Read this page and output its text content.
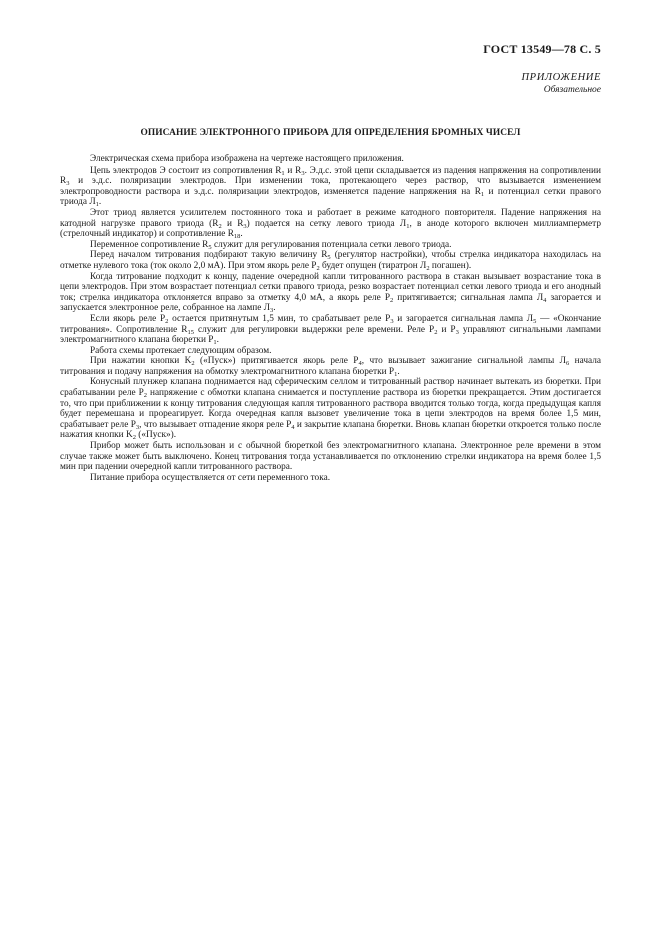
ГОСТ 13549—78 С. 5
ПРИЛОЖЕНИЕ
Обязательное
ОПИСАНИЕ ЭЛЕКТРОННОГО ПРИБОРА ДЛЯ ОПРЕДЕЛЕНИЯ БРОМНЫХ ЧИСЕЛ

Электрическая схема прибора изображена на чертеже настоящего приложения.

Цепь электродов Э состоит из сопротивления $R_1$ и $R_3$. Э.д.с. этой цепи складывается из падения напряжения на сопротивлении $R_3$ и э.д.с. поляризации электродов. При изменении тока, протекающего через раствор, что вызывается изменением электропроводности раствора и э.д.с. поляризации электродов, изменяется падение напряжения на $R_1$ и потенциал сетки правого триода $Л_1$.

Этот триод является усилителем постоянного тока и работает в режиме катодного повторителя. Падение напряжения на катодной нагрузке правого триода ($R_2$ и $R_3$) подается на сетку левого триода $Л_1$, в аноде которого включен миллиамперметр (стрелочный индикатор) и сопротивление $R_{18}$.

Переменное сопротивление $R_5$ служит для регулирования потенциала сетки левого триода.

Перед началом титрования подбирают такую величину $R_5$ (регулятор настройки), чтобы стрелка индикатора находилась на отметке нулевого тока (ток около 2,0 мА). При этом якорь реле $Р_2$ будет опущен (тиратрон $Л_2$ погашен).

Когда титрование подходит к концу, падение очередной капли титрованного раствора в стакан вызывает возрастание тока в цепи электродов. При этом возрастает потенциал сетки правого триода, резко возрастает потенциал сетки левого триода и его анодный ток; стрелка индикатора отклоняется вправо за отметку 4,0 мА, а якорь реле $Р_2$ притягивается; сигнальная лампа $Л_4$ загорается и запускается электронное реле, собранное на лампе $Л_3$.

Если якорь реле $Р_2$ остается притянутым 1,5 мин, то срабатывает реле $Р_3$ и загорается сигнальная лампа $Л_5$ — «Окончание титрования». Сопротивление $R_{15}$ служит для регулировки выдержки реле времени. Реле $Р_2$ и $Р_3$ управляют сигнальными лампами электромагнитного клапана бюретки $Р_1$.

Работа схемы протекает следующим образом.

При нажатии кнопки $K_2$ («Пуск») притягивается якорь реле $Р_4$, что вызывает зажигание сигнальной лампы $Л_6$ начала титрования и подачу напряжения на обмотку электромагнитного клапана бюретки $Р_1$.

Конусный плунжер клапана поднимается над сферическим селлом и титрованный раствор начинает вытекать из бюретки. При срабатывании реле $Р_2$ напряжение с обмотки клапана снимается и поступление раствора из бюретки прекращается. Этим достигается то, что при приближении к концу титрования следующая капля титрованного раствора вводится только тогда, когда предыдущая капля будет перемешана и прореагирует. Когда очередная капля вызовет увеличение тока в цепи электродов на время более 1,5 мин, срабатывает реле $Р_3$, что вызывает отпадение якоря реле $Р_4$ и закрытие клапана бюретки. Вновь клапан бюретки откроется только после нажатия кнопки $K_2$ («Пуск»).

Прибор может быть использован и с обычной бюреткой без электромагнитного клапана. Электронное реле времени в этом случае также может быть выключено. Конец титрования тогда устанавливается по отклонению стрелки индикатора на время более 1,5 мин при падении очередной капли титрованного раствора.

Питание прибора осуществляется от сети переменного тока.
